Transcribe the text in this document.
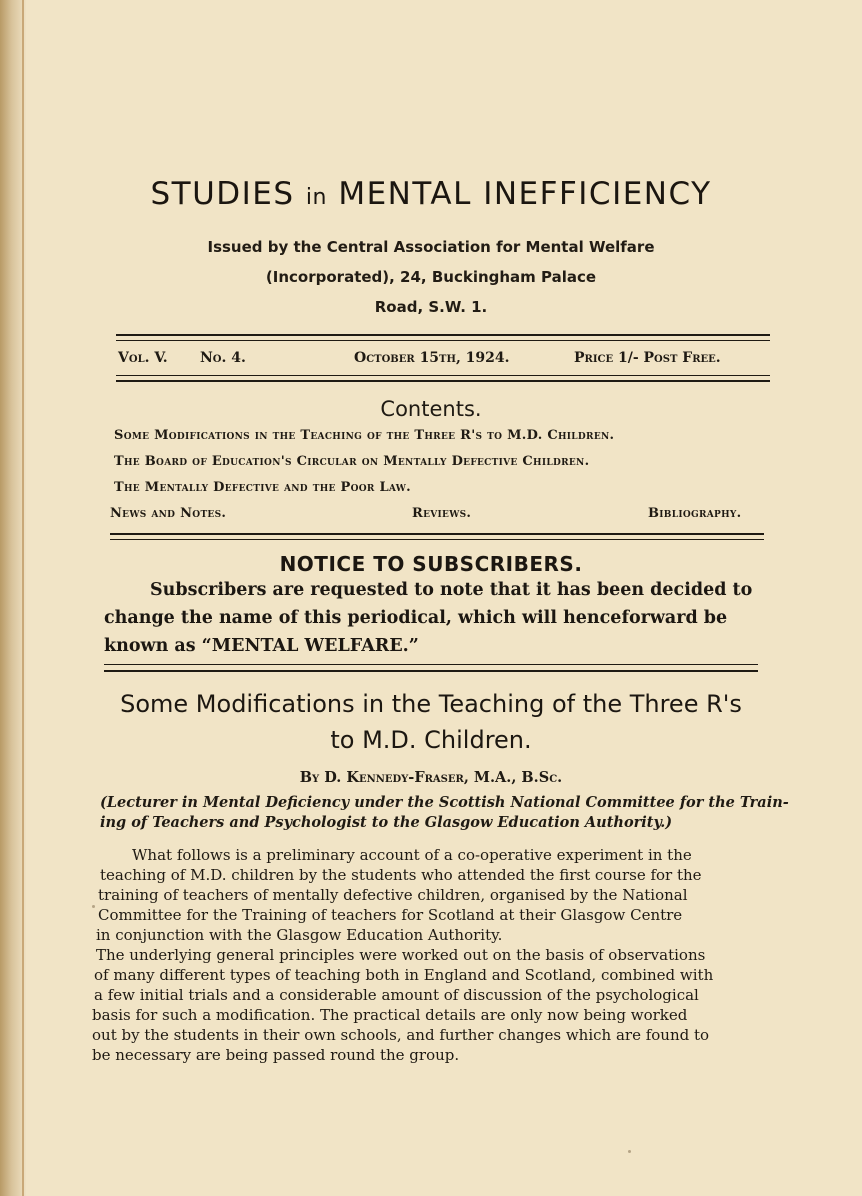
STUDIES in MENTAL INEFFICIENCY
Issued by the Central Association for Mental Welfare
(Incorporated), 24, Buckingham Palace
Road, S.W. 1.
Vol. V. No. 4.	October 15th, 1924.	Price 1/- Post Free.
Contents.
Some Modifications in the Teaching of the Three R's to M.D. Children.
The Board of Education's Circular on Mentally Defective Children.
The Mentally Defective and the Poor Law.
News and Notes.	Reviews.	Bibliography.
NOTICE TO SUBSCRIBERS.
Subscribers are requested to note that it has been decided to
change the name of this periodical, which will henceforward be
known as “MENTAL WELFARE.”
Some Modifications in the Teaching of the Three R's
to M.D. Children.
By D. Kennedy-Fraser, M.A., B.Sc.
(Lecturer in Mental Deficiency under the Scottish National Committee for the Train-
ing of Teachers and Psychologist to the Glasgow Education Authority.)
What follows is a preliminary account of a co-operative experiment in the
teaching of M.D. children by the students who attended the first course for the
training of teachers of mentally defective children, organised by the National
Committee for the Training of teachers for Scotland at their Glasgow Centre
in conjunction with the Glasgow Education Authority.
The underlying general principles were worked out on the basis of observations
of many different types of teaching both in England and Scotland, combined with
a few initial trials and a considerable amount of discussion of the psychological
basis for such a modification. The practical details are only now being worked
out by the students in their own schools, and further changes which are found to
be necessary are being passed round the group.
